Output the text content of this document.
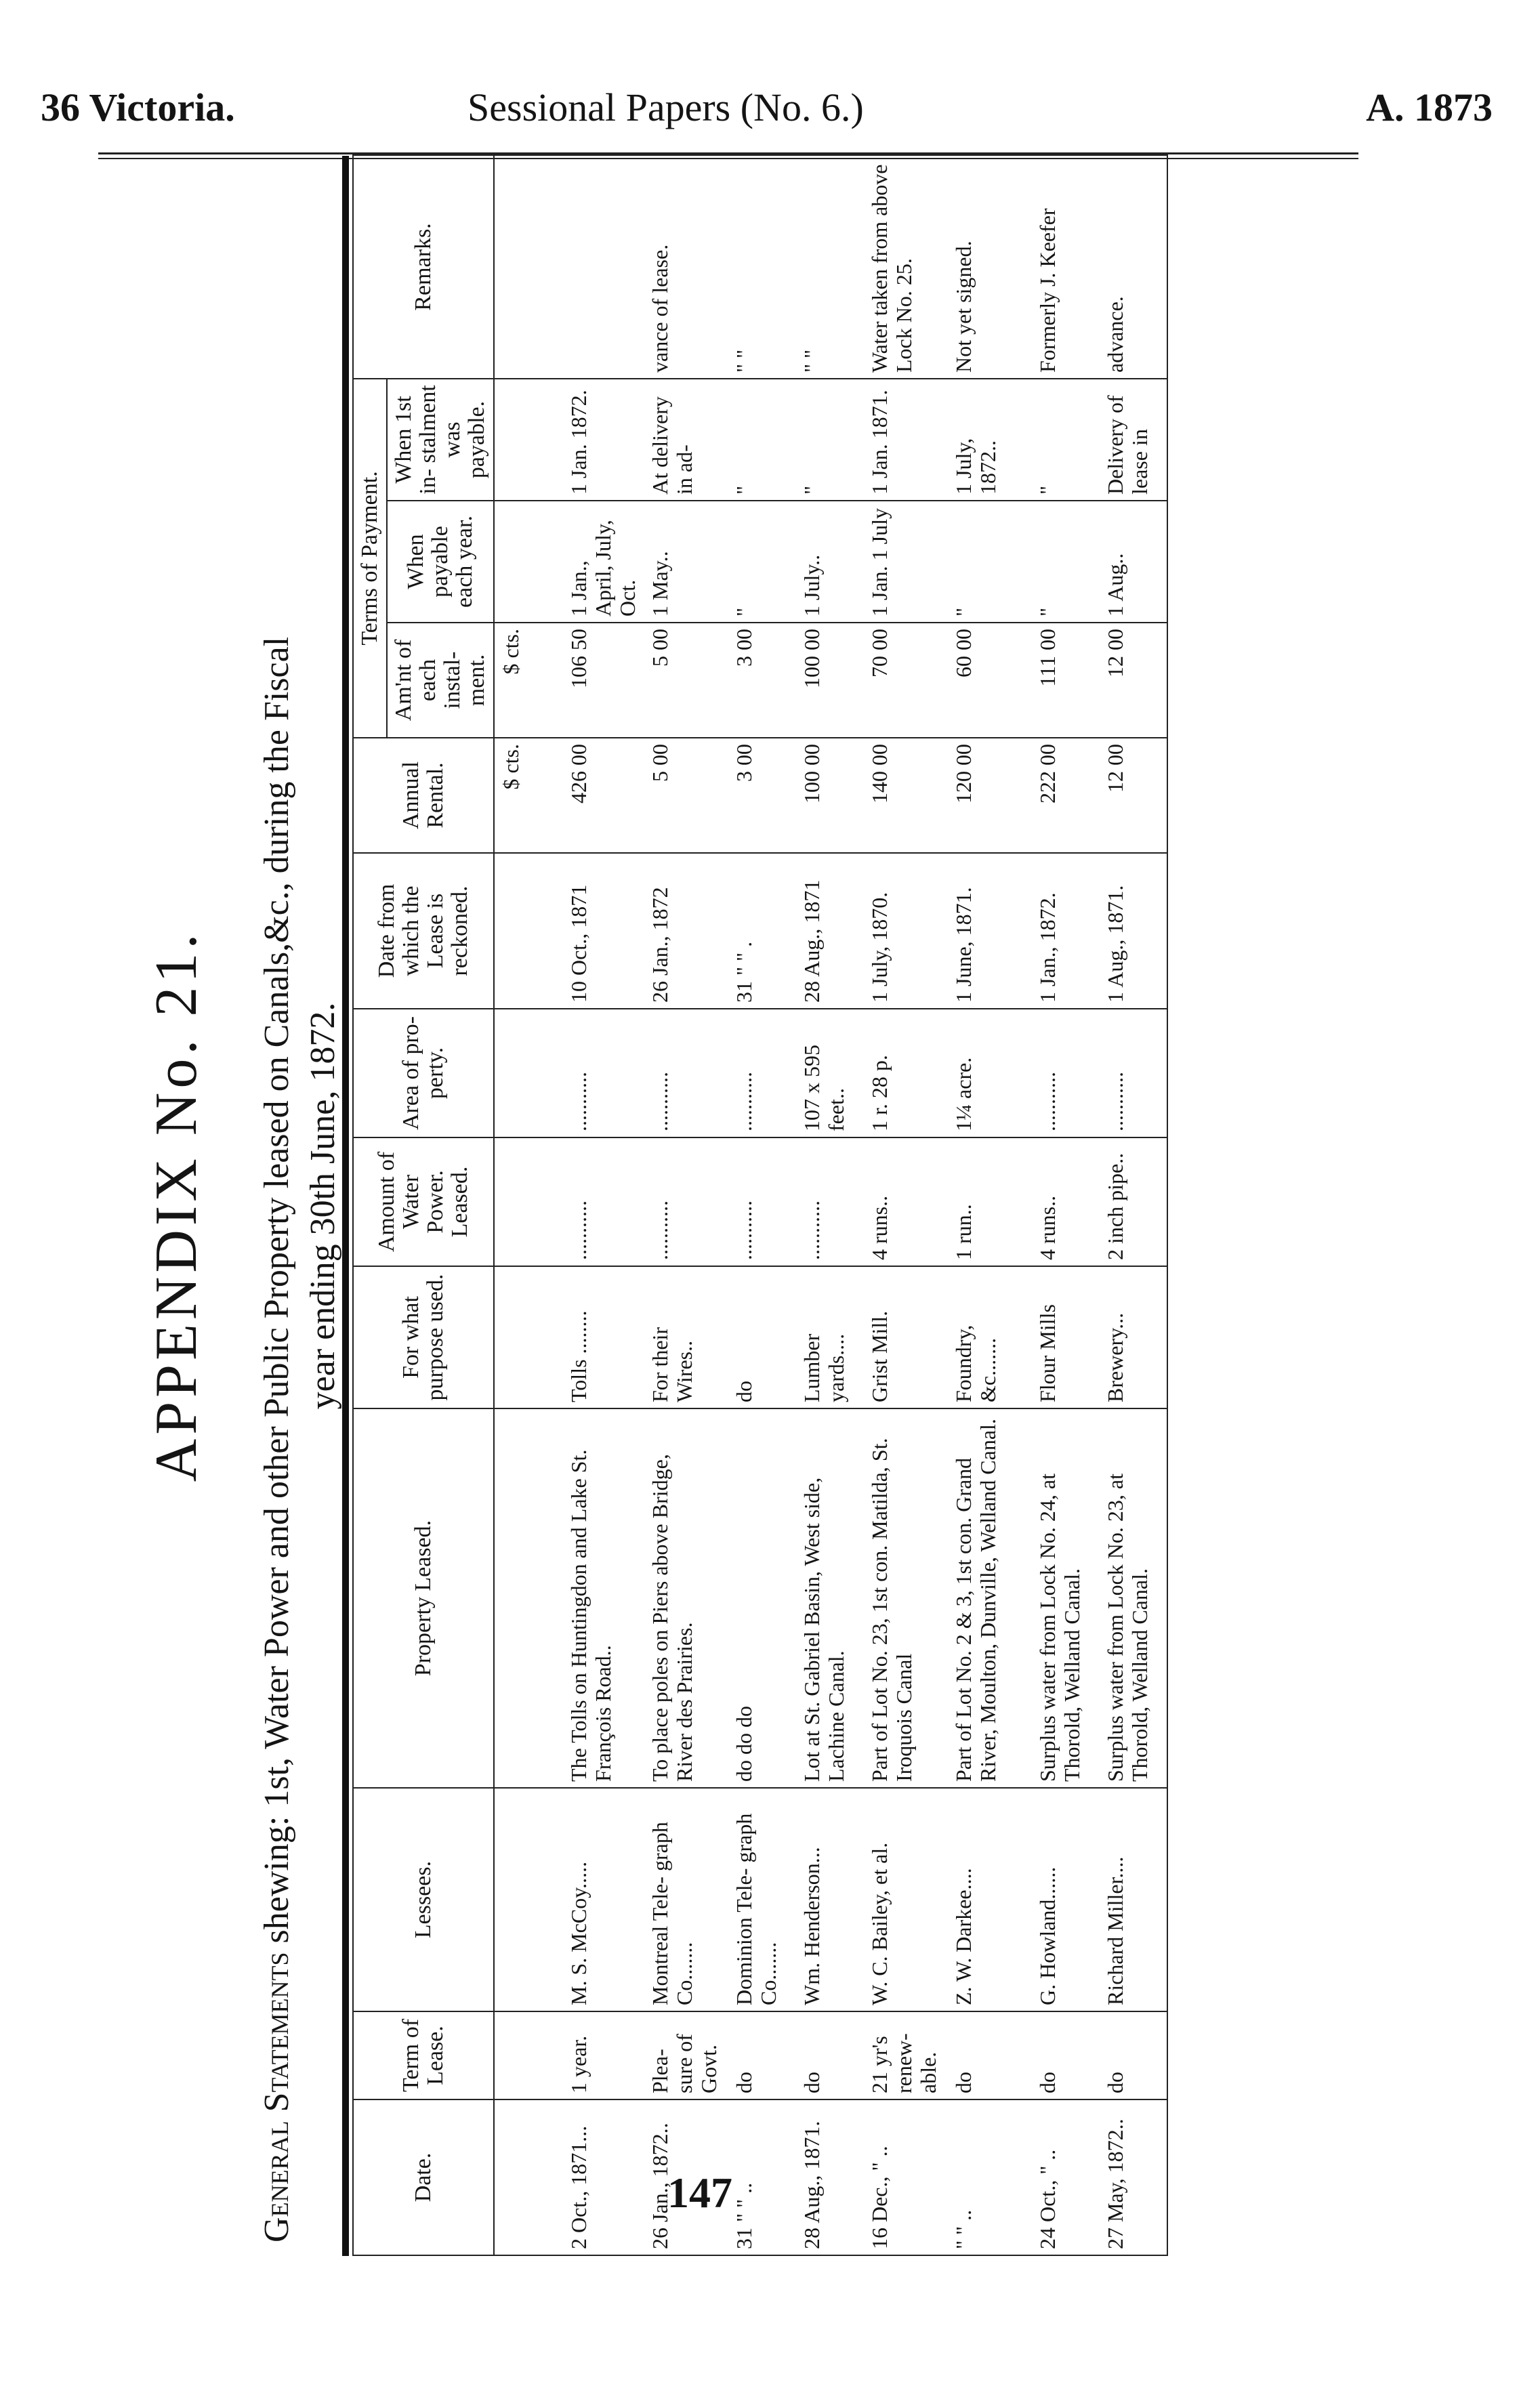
36 Victoria.	Sessional Papers (No. 6.)	A. 1873
APPENDIX No. 21.
General Statements shewing: 1st, Water Power and other Public Property leased on Canals,&c., during the Fiscal year ending 30th June, 1872.
Date.	Term of Lease.	Lessees.	Property Leased.	For what purpose used.	Amount of Water Power. Leased.	Area of pro- perty.	Date from which the Lease is reckoned.	Annual Rental.	Terms of Payment.			Remarks.
									Am'nt of each instal- ment.	When payable each year.	When 1st in- stalment was payable.	
								$ cts.	$ cts.			
2 Oct., 1871...	1 year.	M. S. McCoy.....	The Tolls on Huntingdon and Lake St. François Road..	Tolls ........	...........	...........	10 Oct., 1871	426 00	106 50	1 Jan., April, July, Oct.	1 Jan. 1872.	
26 Jan., 1872..	Plea- sure of Govt.	Montreal Tele- graph Co.......	To place poles on Piers above Bridge, River des Prairies.	For their Wires..	...........	...........	26 Jan., 1872	5 00	5 00	1 May..	At delivery in ad-	vance of lease.
31 " " ..	do	Dominion Tele- graph Co.......	do do do	do	...........	...........	31 " " .	3 00	3 00	"	"	" "
28 Aug., 1871.	do	Wm. Henderson...	Lot at St. Gabriel Basin, West side, Lachine Canal.	Lumber yards....	...........	107 x 595 feet..	28 Aug., 1871	100 00	100 00	1 July..	"	" "
16 Dec., " ..	21 yr's renew- able.	W. C. Bailey, et al.	Part of Lot No. 23, 1st con. Matilda, St. Iroquois Canal	Grist Mill.	4 runs..	1 r. 28 p.	1 July, 1870.	140 00	70 00	1 Jan. 1 July	1 Jan. 1871.	Water taken from above Lock No. 25.
" " ..	do	Z. W. Darkee....	Part of Lot No. 2 & 3, 1st con. Grand River, Moulton, Dunville, Welland Canal.	Foundry, &c.......	1 run..	1¼ acre.	1 June, 1871.	120 00	60 00	"	1 July, 1872..	Not yet signed.
24 Oct., " ..	do	G. Howland......	Surplus water from Lock No. 24, at Thorold, Welland Canal.	Flour Mills	4 runs..	...........	1 Jan., 1872.	222 00	111 00	"	"	Formerly J. Keefer
27 May, 1872..	do	Richard Miller....	Surplus water from Lock No. 23, at Thorold, Welland Canal.	Brewery...	2 inch pipe..	...........	1 Aug., 1871.	12 00	12 00	1 Aug..	Delivery of lease in	advance.
147
